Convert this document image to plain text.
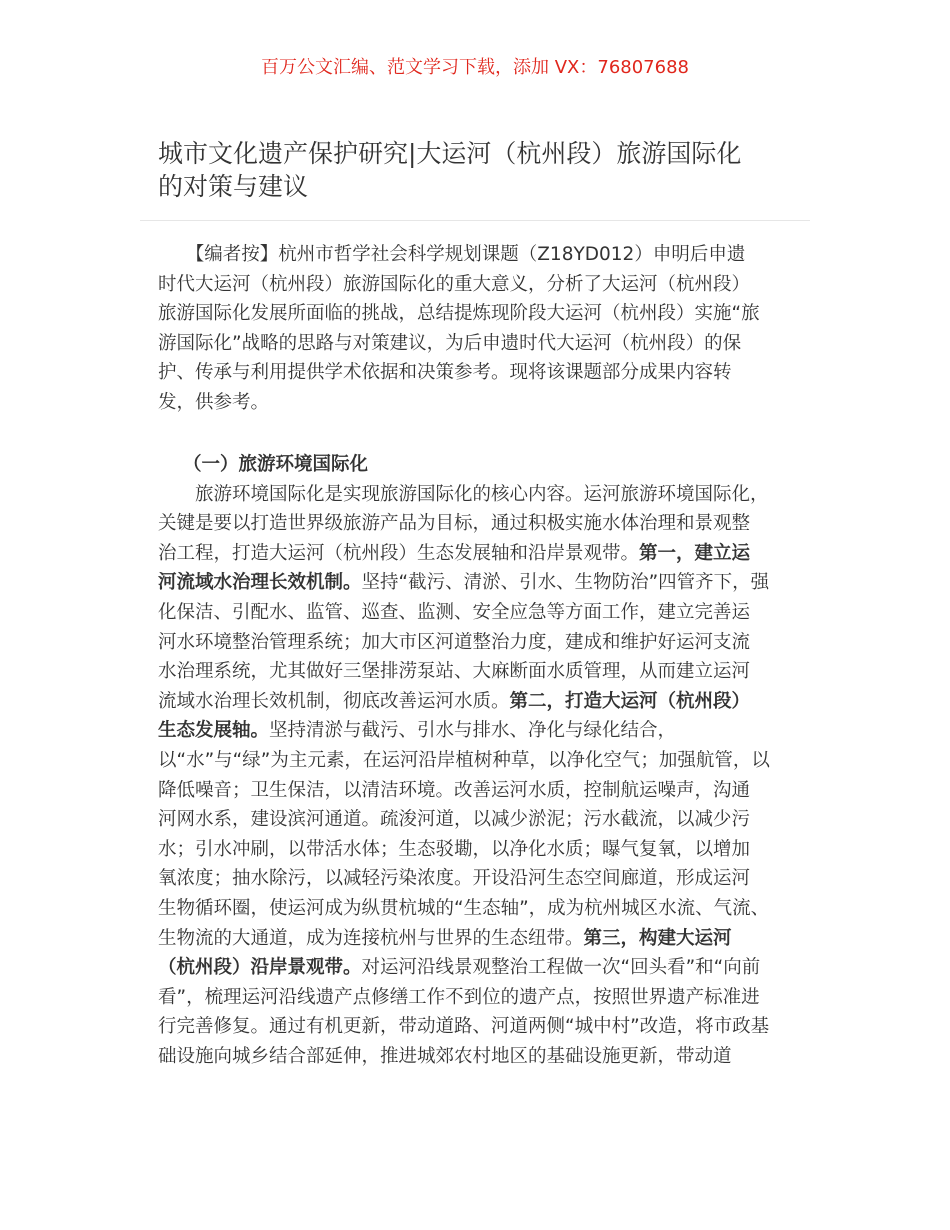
百万公文汇编、范文学习下载，添加 VX：76807688
城市文化遗产保护研究|大运河（杭州段）旅游国际化
的对策与建议
　　【编者按】杭州市哲学社会科学规划课题（Z18YD012）申明后申遗
时代大运河（杭州段）旅游国际化的重大意义，分析了大运河（杭州段）
旅游国际化发展所面临的挑战，总结提炼现阶段大运河（杭州段）实施“旅
游国际化”战略的思路与对策建议，为后申遗时代大运河（杭州段）的保
护、传承与利用提供学术依据和决策参考。现将该课题部分成果内容转
发，供参考。
　 （一）旅游环境国际化
　　旅游环境国际化是实现旅游国际化的核心内容。运河旅游环境国际化，
关键是要以打造世界级旅游产品为目标，通过积极实施水体治理和景观整
治工程，打造大运河（杭州段）生态发展轴和沿岸景观带。第一，建立运
河流域水治理长效机制。坚持“截污、清淤、引水、生物防治”四管齐下，强
化保洁、引配水、监管、巡查、监测、安全应急等方面工作，建立完善运
河水环境整治管理系统；加大市区河道整治力度，建成和维护好运河支流
水治理系统，尤其做好三堡排涝泵站、大麻断面水质管理，从而建立运河
流域水治理长效机制，彻底改善运河水质。第二，打造大运河（杭州段）
生态发展轴。坚持清淤与截污、引水与排水、净化与绿化结合，
以“水”与“绿”为主元素，在运河沿岸植树种草，以净化空气；加强航管，以
降低噪音；卫生保洁，以清洁环境。改善运河水质，控制航运噪声，沟通
河网水系，建设滨河通道。疏浚河道，以减少淤泥；污水截流，以减少污
水；引水冲刷，以带活水体；生态驳墈，以净化水质；曝气复氧，以增加
氧浓度；抽水除污，以减轻污染浓度。开设沿河生态空间廊道，形成运河
生物循环圈，使运河成为纵贯杭城的“生态轴”，成为杭州城区水流、气流、
生物流的大通道，成为连接杭州与世界的生态纽带。第三，构建大运河
（杭州段）沿岸景观带。对运河沿线景观整治工程做一次“回头看”和“向前
看”，梳理运河沿线遗产点修缮工作不到位的遗产点，按照世界遗产标准进
行完善修复。通过有机更新，带动道路、河道两侧“城中村”改造，将市政基
础设施向城乡结合部延伸，推进城郊农村地区的基础设施更新，带动道
